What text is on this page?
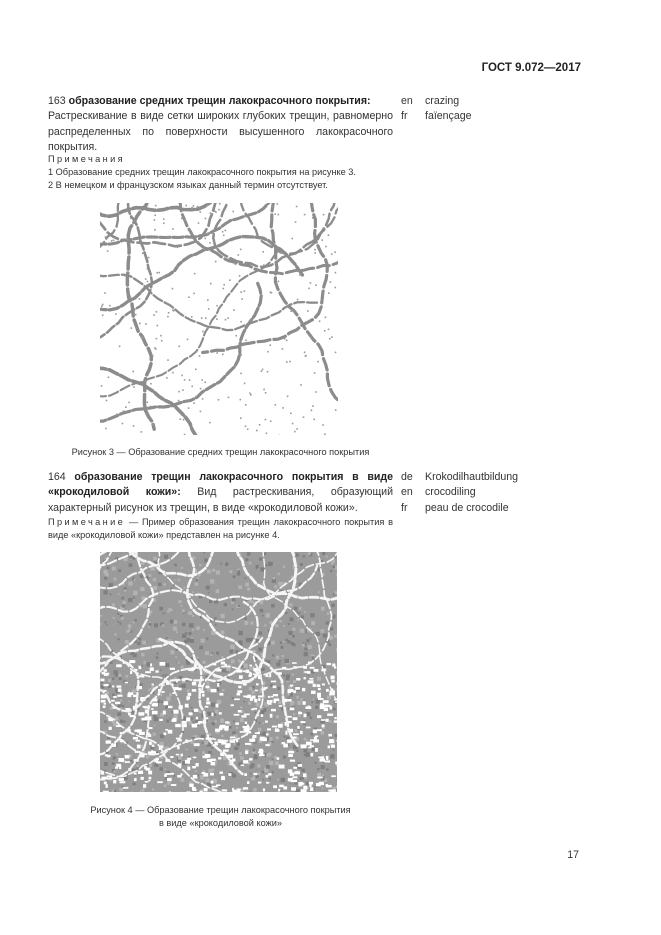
ГОСТ 9.072—2017
163 образование средних трещин лакокрасочного покрытия:
Растрескивание в виде сетки широких глубоких трещин, равномерно распределенных по поверхности высушенного лакокрасочного покрытия.
en
fr
crazing
faïençage
Примечания
1 Образование средних трещин лакокрасочного покрытия на рисунке 3.
2 В немецком и французском языках данный термин отсутствует.
Рисунок 3 — Образование средних трещин лакокрасочного покрытия
164 образование трещин лакокрасочного покрытия в виде «крокодиловой кожи»: Вид растрескивания, образующий характерный рисунок из трещин, в виде «крокодиловой кожи».
de
en
fr
Krokodilhautbildung
crocodiling
peau de crocodile
Примечание — Пример образования трещин лакокрасочного покрытия в виде «крокодиловой кожи» представлен на рисунке 4.
Рисунок 4 — Образование трещин лакокрасочного покрытия
в виде «крокодиловой кожи»
17
